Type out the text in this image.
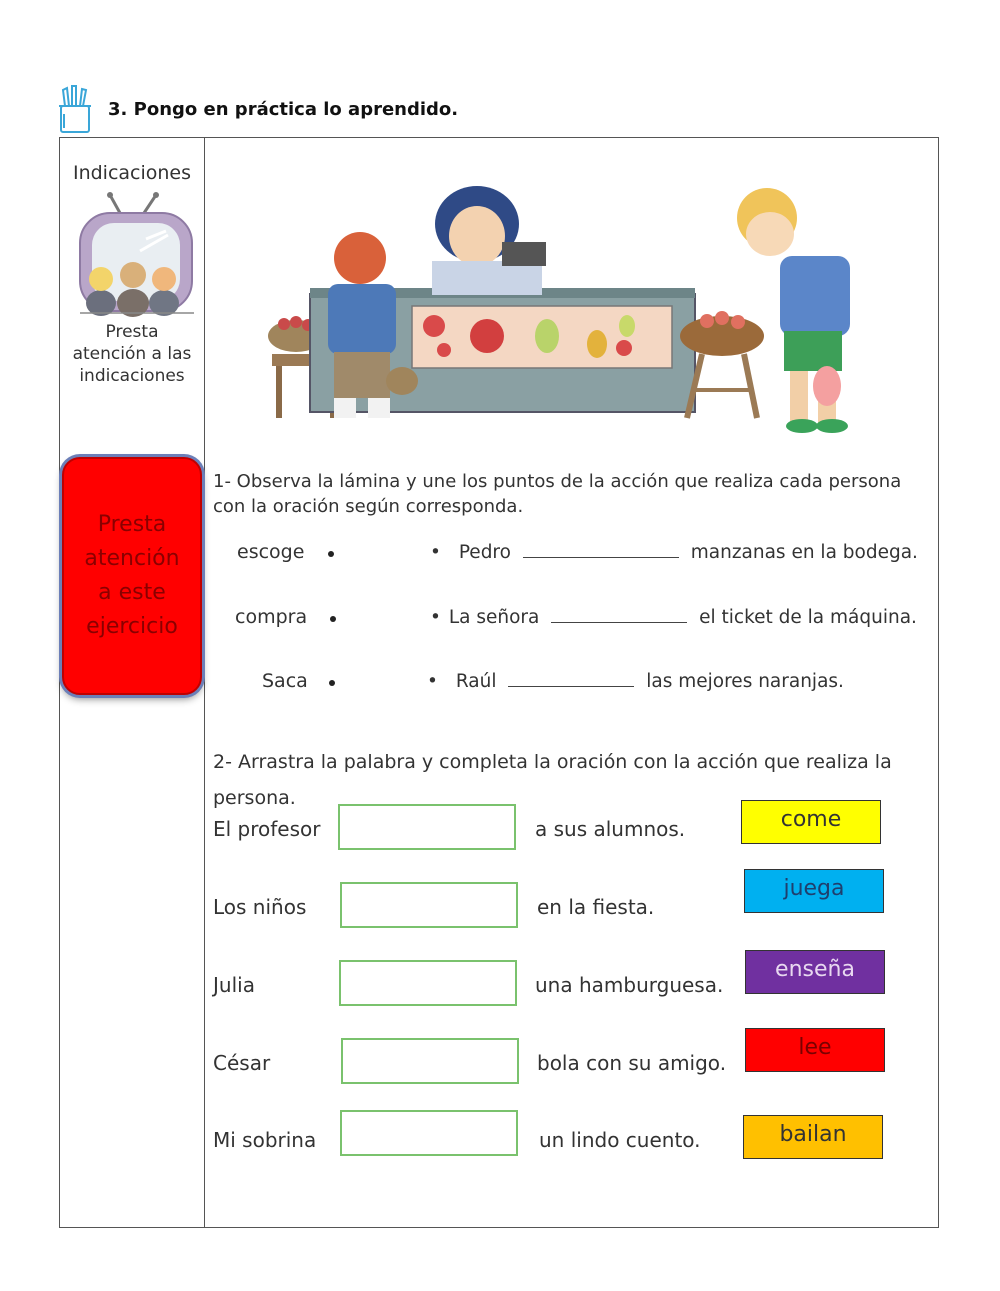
3. Pongo en práctica lo aprendido.
Indicaciones
Presta
atención a las
indicaciones
Presta
atención
a este
ejercicio
1- Observa la lámina y une los puntos de la acción que realiza cada persona con la oración según corresponda.
escoge
compra
Saca
• Pedro	manzanas en la bodega.
• La señora	el ticket de la máquina.
• Raúl	las mejores naranjas.
2- Arrastra la palabra y completa la oración con la acción que realiza la persona.
El profesor	a sus alumnos.
Los niños	en la fiesta.
Julia	una hamburguesa.
César	bola con su amigo.
Mi sobrina	un lindo cuento.
come
juega
enseña
lee
bailan
